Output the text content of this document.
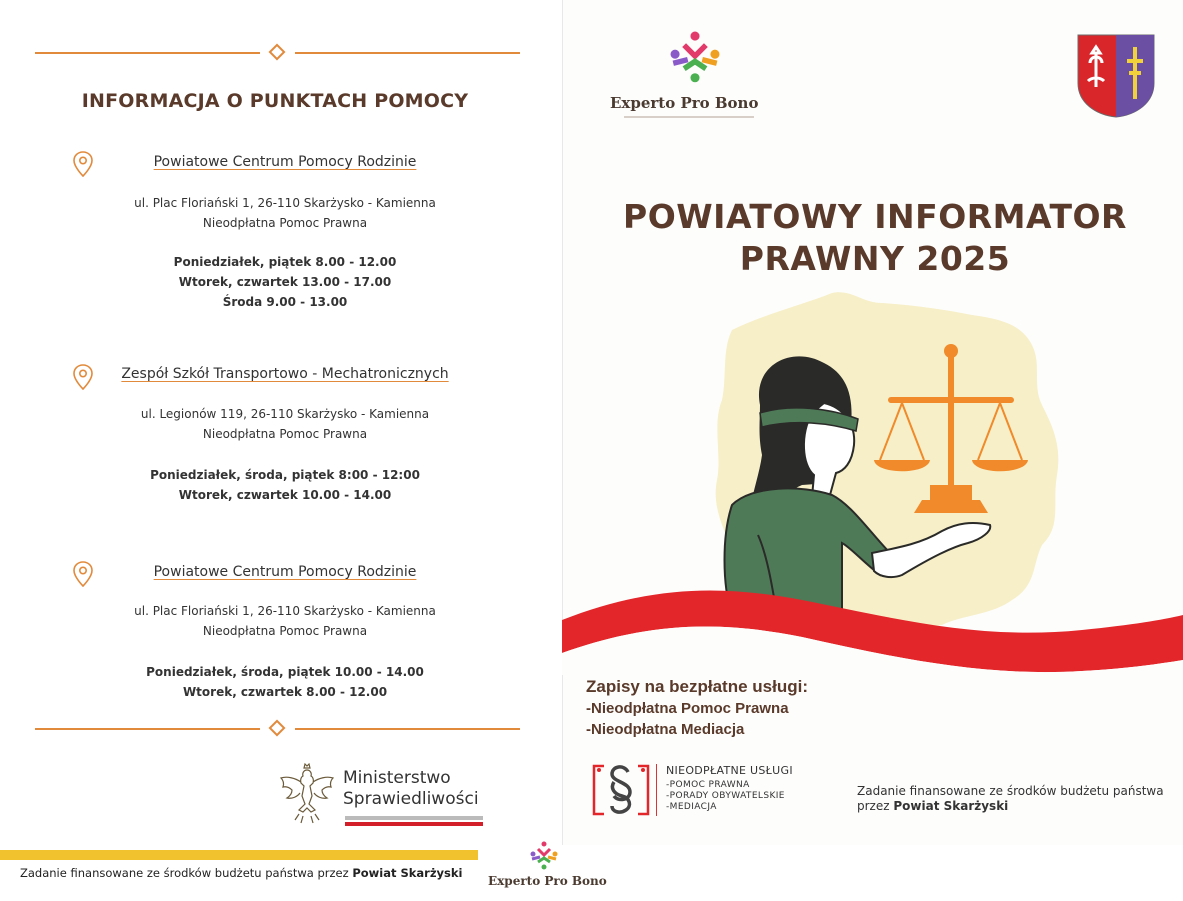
INFORMACJA O PUNKTACH POMOCY
Powiatowe Centrum Pomocy Rodzinie
ul. Plac Floriański 1, 26-110 Skarżysko - Kamienna
Nieodpłatna Pomoc Prawna
Poniedziałek, piątek 8.00 - 12.00
Wtorek, czwartek 13.00 - 17.00
Środa 9.00 - 13.00
Zespół Szkół Transportowo - Mechatronicznych
ul. Legionów 119, 26-110 Skarżysko - Kamienna
Nieodpłatna Pomoc Prawna
Poniedziałek, środa, piątek 8:00 - 12:00
Wtorek, czwartek 10.00 - 14.00
Powiatowe Centrum Pomocy Rodzinie
ul. Plac Floriański 1, 26-110 Skarżysko - Kamienna
Nieodpłatna Pomoc Prawna
Poniedziałek, środa, piątek 10.00 - 14.00
Wtorek, czwartek 8.00 - 12.00
Ministerstwo
Sprawiedliwości
Zadanie finansowane ze środków budżetu państwa przez Powiat Skarżyski
Experto Pro Bono
Experto Pro Bono
POWIATOWY INFORMATOR
PRAWNY 2025
Zapisy na bezpłatne usługi:
-Nieodpłatna Pomoc Prawna
-Nieodpłatna Mediacja
NIEODPŁATNE USŁUGI
-POMOC PRAWNA
-PORADY OBYWATELSKIE
-MEDIACJA
Zadanie finansowane ze środków budżetu państwa przez Powiat Skarżyski
